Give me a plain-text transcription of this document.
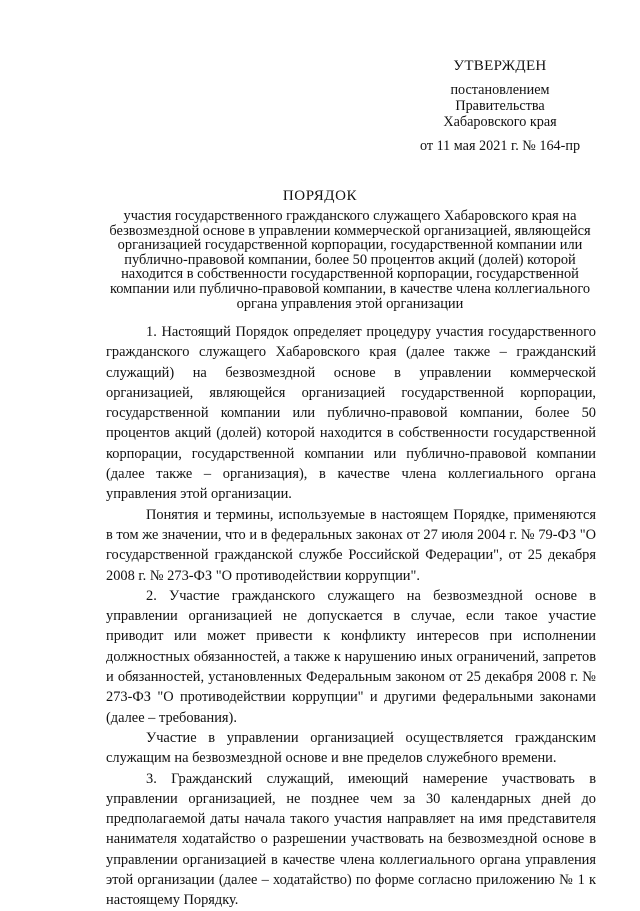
УТВЕРЖДЕН
постановлением
Правительства
Хабаровского края
от 11 мая 2021 г. № 164-пр
ПОРЯДОК
участия государственного гражданского служащего Хабаровского края на безвозмездной основе в управлении коммерческой организацией, являющейся организацией государственной корпорации, государственной компании или публично-правовой компании, более 50 процентов акций (долей) которой находится в собственности государственной корпорации, государственной компании или публично-правовой компании, в качестве члена коллегиального органа управления этой организации

1. Настоящий Порядок определяет процедуру участия государственного гражданского служащего Хабаровского края (далее также – гражданский служащий) на безвозмездной основе в управлении коммерческой организацией, являющейся организацией государственной корпорации, государственной компании или публично-правовой компании, более 50 процентов акций (долей) которой находится в собственности государственной корпорации, государственной компании или публично-правовой компании (далее также – организация), в качестве члена коллегиального органа управления этой организации.

Понятия и термины, используемые в настоящем Порядке, применяются в том же значении, что и в федеральных законах от 27 июля 2004 г. № 79-ФЗ "О государственной гражданской службе Российской Федерации", от 25 декабря 2008 г. № 273-ФЗ "О противодействии коррупции".

2. Участие гражданского служащего на безвозмездной основе в управлении организацией не допускается в случае, если такое участие приводит или может привести к конфликту интересов при исполнении должностных обязанностей, а также к нарушению иных ограничений, запретов и обязанностей, установленных Федеральным законом от 25 декабря 2008 г. № 273-ФЗ "О противодействии коррупции" и другими федеральными законами (далее – требования).

Участие в управлении организацией осуществляется гражданским служащим на безвозмездной основе и вне пределов служебного времени.

3. Гражданский служащий, имеющий намерение участвовать в управлении организацией, не позднее чем за 30 календарных дней до предполагаемой даты начала такого участия направляет на имя представителя нанимателя ходатайство о разрешении участвовать на безвозмездной основе в управлении организацией в качестве члена коллегиального органа управления этой организации (далее – ходатайство) по форме согласно приложению № 1 к настоящему Порядку.
